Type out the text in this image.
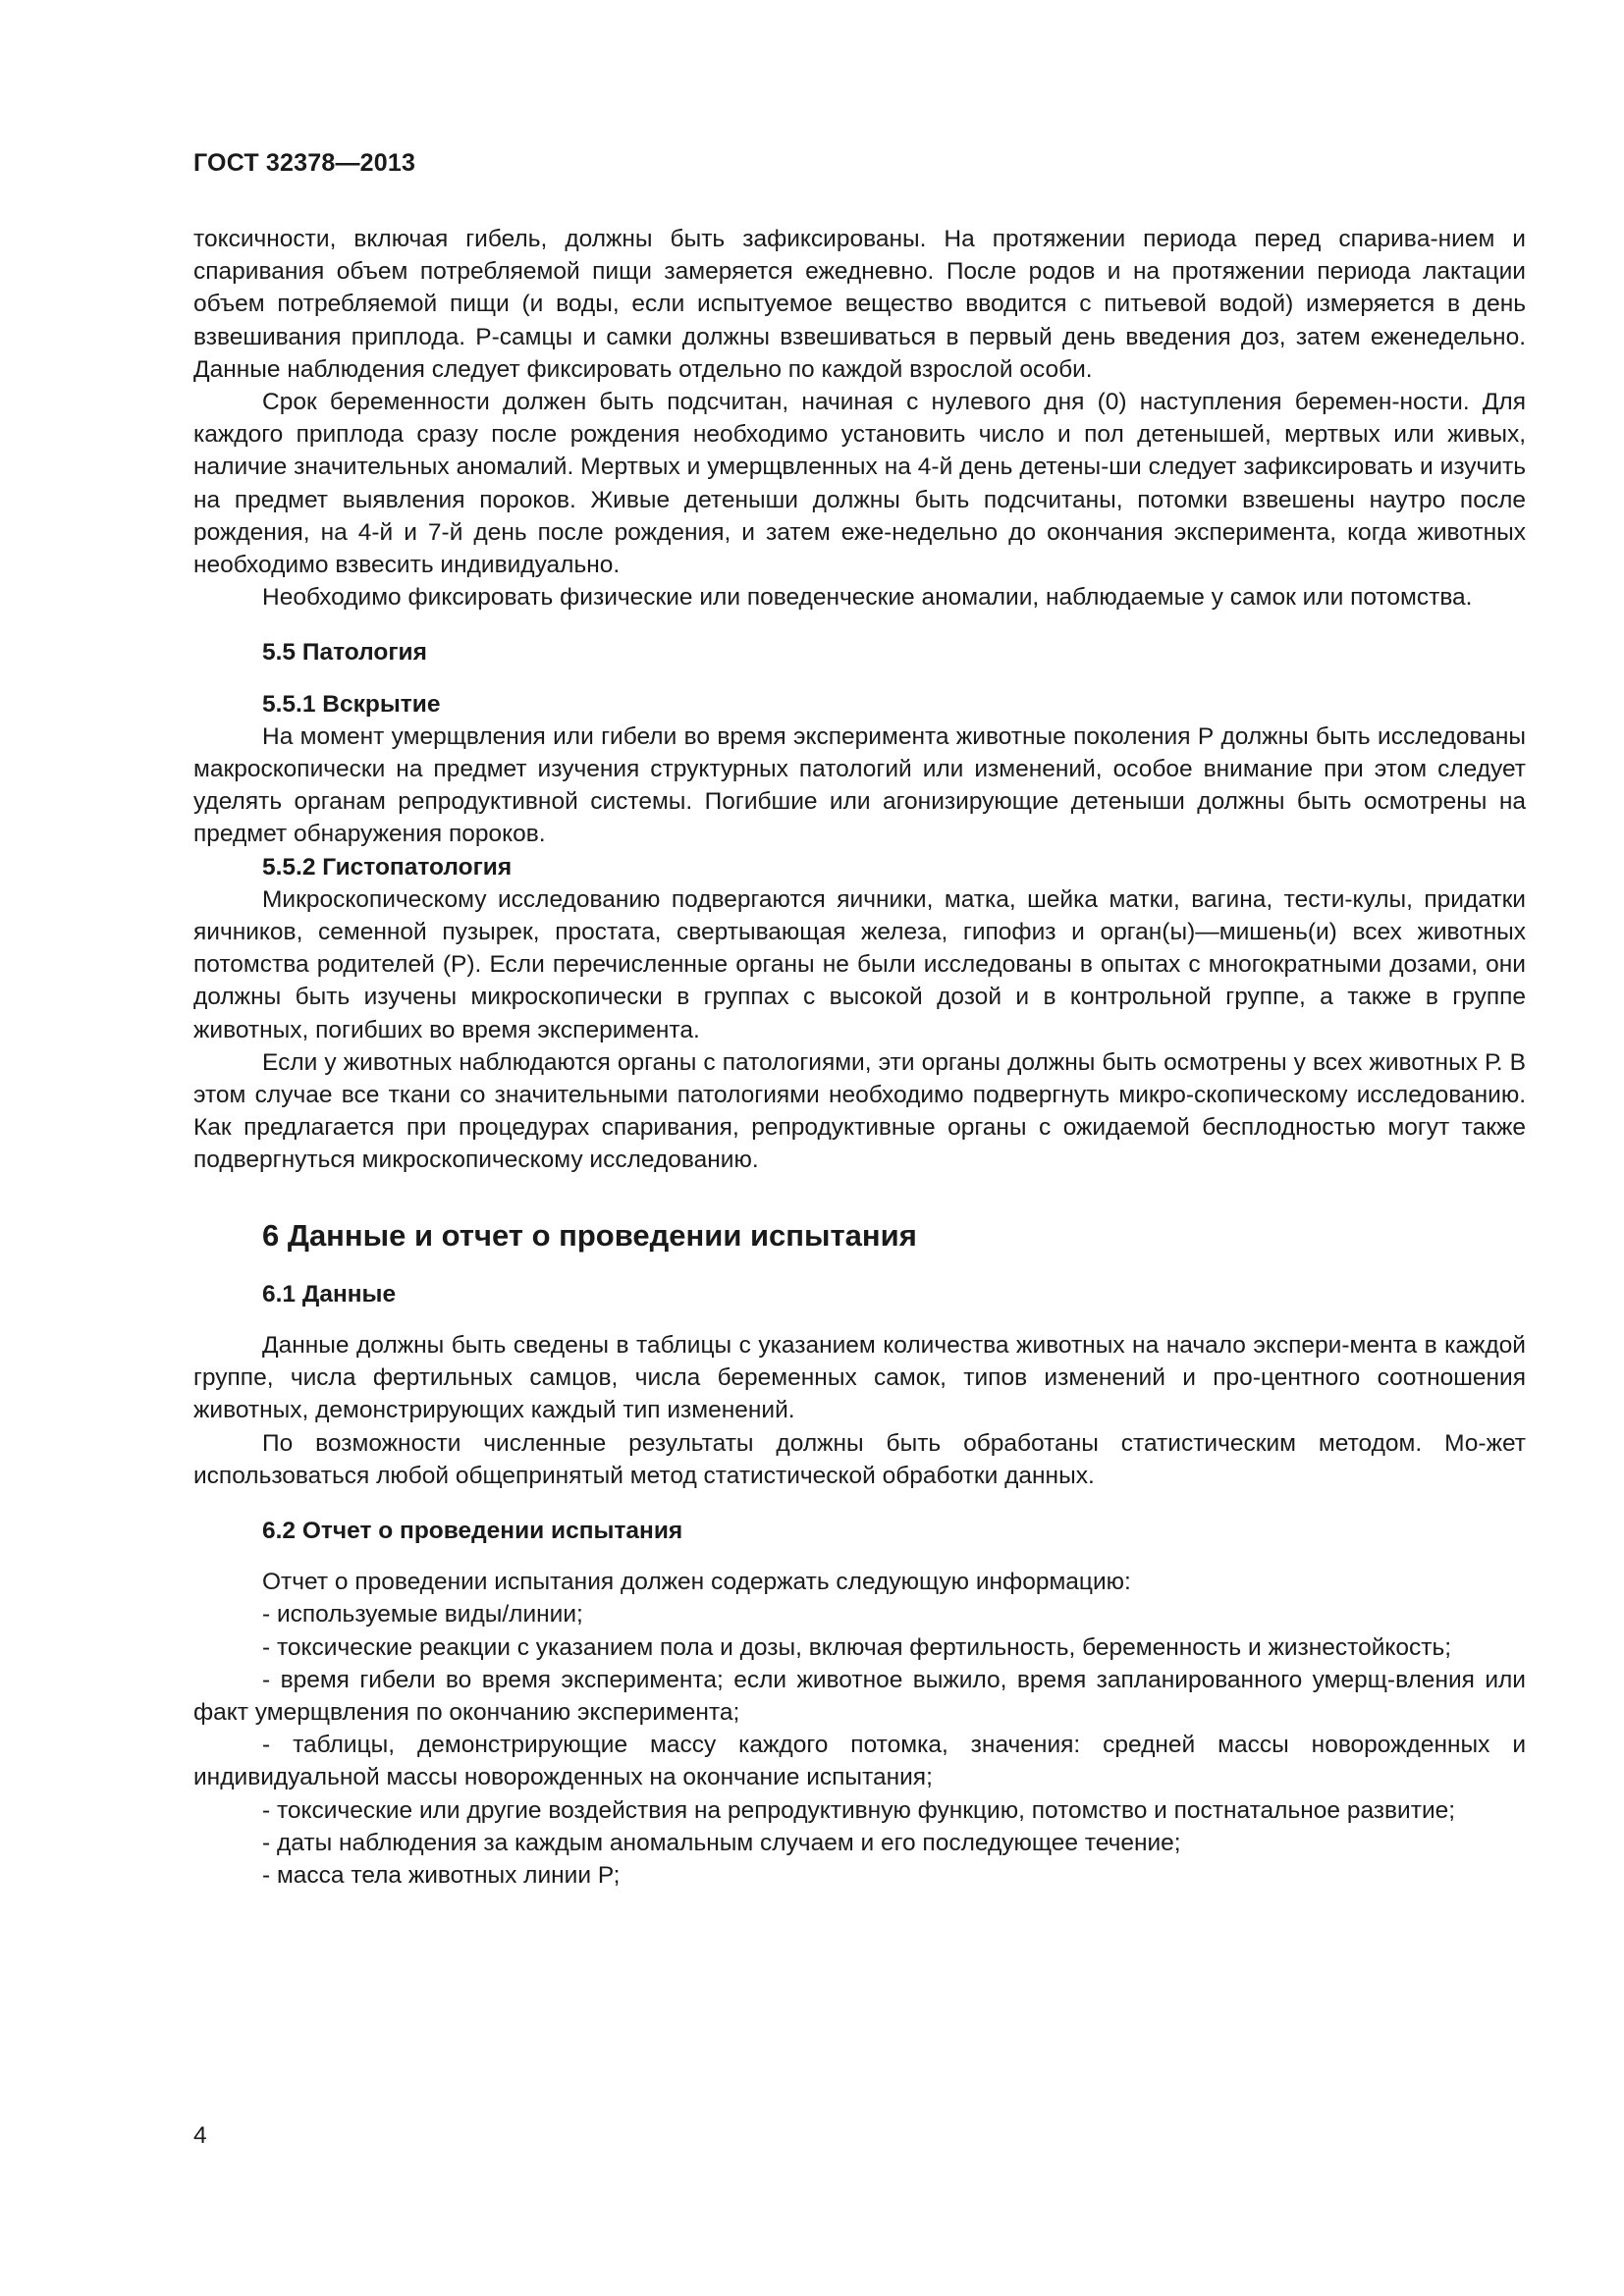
ГОСТ 32378—2013

токсичности, включая гибель, должны быть зафиксированы. На протяжении периода перед спаривa-нием и спаривания объем потребляемой пищи замеряется ежедневно. После родов и на протяжении периода лактации объем потребляемой пищи (и воды, если испытуемое вещество вводится с питьевой водой) измеряется в день взвешивания приплода. Р-самцы и самки должны взвешиваться в первый день введения доз, затем еженедельно. Данные наблюдения следует фиксировать отдельно по каждой взрослой особи.

Срок беременности должен быть подсчитан, начиная с нулевого дня (0) наступления беремен-ности. Для каждого приплода сразу после рождения необходимо установить число и пол детенышей, мертвых или живых, наличие значительных аномалий. Мертвых и умерщвленных на 4-й день детены-ши следует зафиксировать и изучить на предмет выявления пороков. Живые детеныши должны быть подсчитаны, потомки взвешены наутро после рождения, на 4-й и 7-й день после рождения, и затем еже-недельно до окончания эксперимента, когда животных необходимо взвесить индивидуально.

Необходимо фиксировать физические или поведенческие аномалии, наблюдаемые у самок или потомства.

5.5 Патология
5.5.1 Вскрытие

На момент умерщвления или гибели во время эксперимента животные поколения Р должны быть исследованы макроскопически на предмет изучения структурных патологий или изменений, особое внимание при этом следует уделять органам репродуктивной системы. Погибшие или агонизирующие детеныши должны быть осмотрены на предмет обнаружения пороков.

5.5.2 Гистопатология

Микроскопическому исследованию подвергаются яичники, матка, шейка матки, вагина, тести-кулы, придатки яичников, семенной пузырек, простата, свертывающая железа, гипофиз и орган(ы)—мишень(и) всех животных потомства родителей (Р). Если перечисленные органы не были исследованы в опытах с многократными дозами, они должны быть изучены микроскопически в группах с высокой дозой и в контрольной группе, а также в группе животных, погибших во время эксперимента.

Если у животных наблюдаются органы с патологиями, эти органы должны быть осмотрены у всех животных Р. В этом случае все ткани со значительными патологиями необходимо подвергнуть микро-скопическому исследованию. Как предлагается при процедурах спаривания, репродуктивные органы с ожидаемой бесплодностью могут также подвергнуться микроскопическому исследованию.

6 Данные и отчет о проведении испытания
6.1 Данные

Данные должны быть сведены в таблицы с указанием количества животных на начало экспери-мента в каждой группе, числа фертильных самцов, числа беременных самок, типов изменений и про-центного соотношения животных, демонстрирующих каждый тип изменений.

По возможности численные результаты должны быть обработаны статистическим методом. Мо-жет использоваться любой общепринятый метод статистической обработки данных.

6.2 Отчет о проведении испытания

Отчет о проведении испытания должен содержать следующую информацию:

- используемые виды/линии;

- токсические реакции с указанием пола и дозы, включая фертильность, беременность и жизнестойкость;

- время гибели во время эксперимента; если животное выжило, время запланированного умерщ-вления или факт умерщвления по окончанию эксперимента;

- таблицы, демонстрирующие массу каждого потомка, значения: средней массы новорожденных и индивидуальной массы новорожденных на окончание испытания;

- токсические или другие воздействия на репродуктивную функцию, потомство и постнатальное развитие;

- даты наблюдения за каждым аномальным случаем и его последующее течение;

- масса тела животных линии Р;

4
